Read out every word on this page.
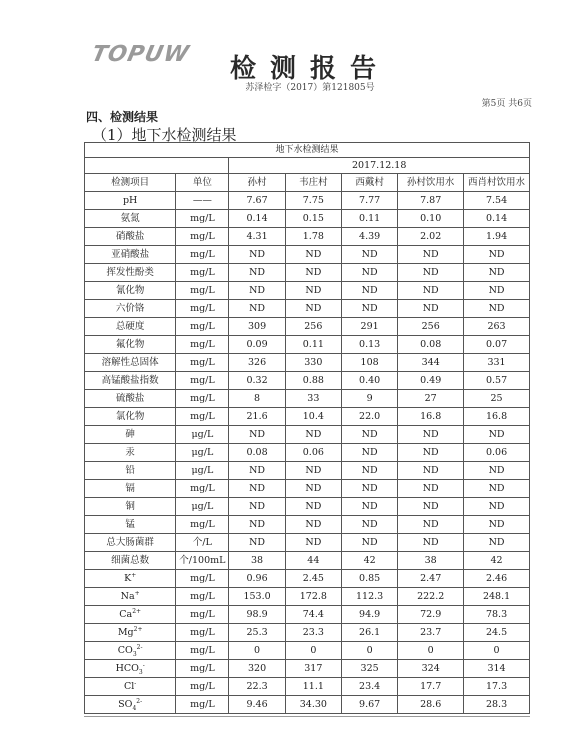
TOPUW	检测报告
苏泽检字（2017）第121805号
第5页 共6页
四、检测结果
（1）地下水检测结果
地下水检测结果						
		2017.12.18				
检测项目	单位	孙村	韦庄村	西戴村	孙村饮用水	西肖村饮用水
pH	——	7.67	7.75	7.77	7.87	7.54
氨氮	mg/L	0.14	0.15	0.11	0.10	0.14
硝酸盐	mg/L	4.31	1.78	4.39	2.02	1.94
亚硝酸盐	mg/L	ND	ND	ND	ND	ND
挥发性酚类	mg/L	ND	ND	ND	ND	ND
氰化物	mg/L	ND	ND	ND	ND	ND
六价铬	mg/L	ND	ND	ND	ND	ND
总硬度	mg/L	309	256	291	256	263
氟化物	mg/L	0.09	0.11	0.13	0.08	0.07
溶解性总固体	mg/L	326	330	108	344	331
高锰酸盐指数	mg/L	0.32	0.88	0.40	0.49	0.57
硫酸盐	mg/L	8	33	9	27	25
氯化物	mg/L	21.6	10.4	22.0	16.8	16.8
砷	μg/L	ND	ND	ND	ND	ND
汞	μg/L	0.08	0.06	ND	ND	0.06
铅	μg/L	ND	ND	ND	ND	ND
镉	mg/L	ND	ND	ND	ND	ND
铜	μg/L	ND	ND	ND	ND	ND
锰	mg/L	ND	ND	ND	ND	ND
总大肠菌群	个/L	ND	ND	ND	ND	ND
细菌总数	个/100mL	38	44	42	38	42
K+	mg/L	0.96	2.45	0.85	2.47	2.46
Na+	mg/L	153.0	172.8	112.3	222.2	248.1
$Ca^{2+}$	mg/L	98.9	74.4	94.9	72.9	78.3
$Mg^{2+}$	mg/L	25.3	23.3	26.1	23.7	24.5
$CO_3^{2-}$	mg/L	0	0	0	0	0
$HCO_3^-$	mg/L	320	317	325	324	314
Cl-	mg/L	22.3	11.1	23.4	17.7	17.3
$SO_4^{2-}$	mg/L	9.46	34.30	9.67	28.6	28.3
